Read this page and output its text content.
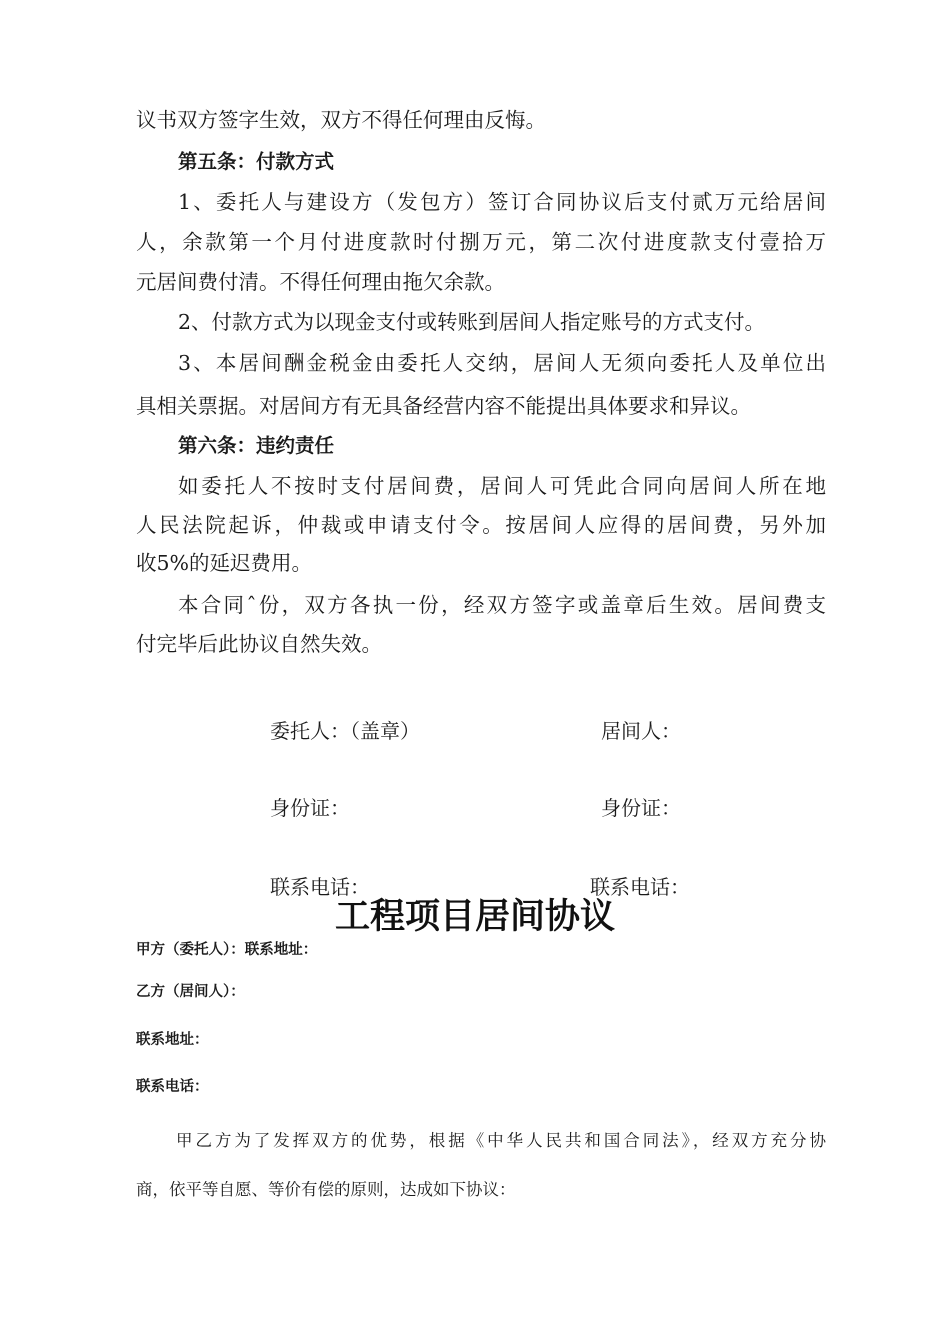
议书双方签字生效，双方不得任何理由反悔。
第五条：付款方式
1、委托人与建设方（发包方）签订合同协议后支付贰万元给居间
人，余款第一个月付进度款时付捌万元，第二次付进度款支付壹拾万
元居间费付清。不得任何理由拖欠余款。
2、付款方式为以现金支付或转账到居间人指定账号的方式支付。
3、本居间酬金税金由委托人交纳，居间人无须向委托人及单位出
具相关票据。对居间方有无具备经营内容不能提出具体要求和异议。
第六条：违约责任
如委托人不按时支付居间费，居间人可凭此合同向居间人所在地
人民法院起诉，仲裁或申请支付令。按居间人应得的居间费，另外加
收5%的延迟费用。
本合同ˆ份，双方各执一份，经双方签字或盖章后生效。居间费支
付完毕后此协议自然失效。
委托人：（盖章）	居间人：
身份证：	身份证：
联系电话：	联系电话：
工程项目居间协议
甲方（委托人）：联系地址：
乙方（居间人）：
联系地址：
联系电话：
甲乙方为了发挥双方的优势，根据《中华人民共和国合同法》，经双方充分协
商，依平等自愿、等价有偿的原则，达成如下协议：
